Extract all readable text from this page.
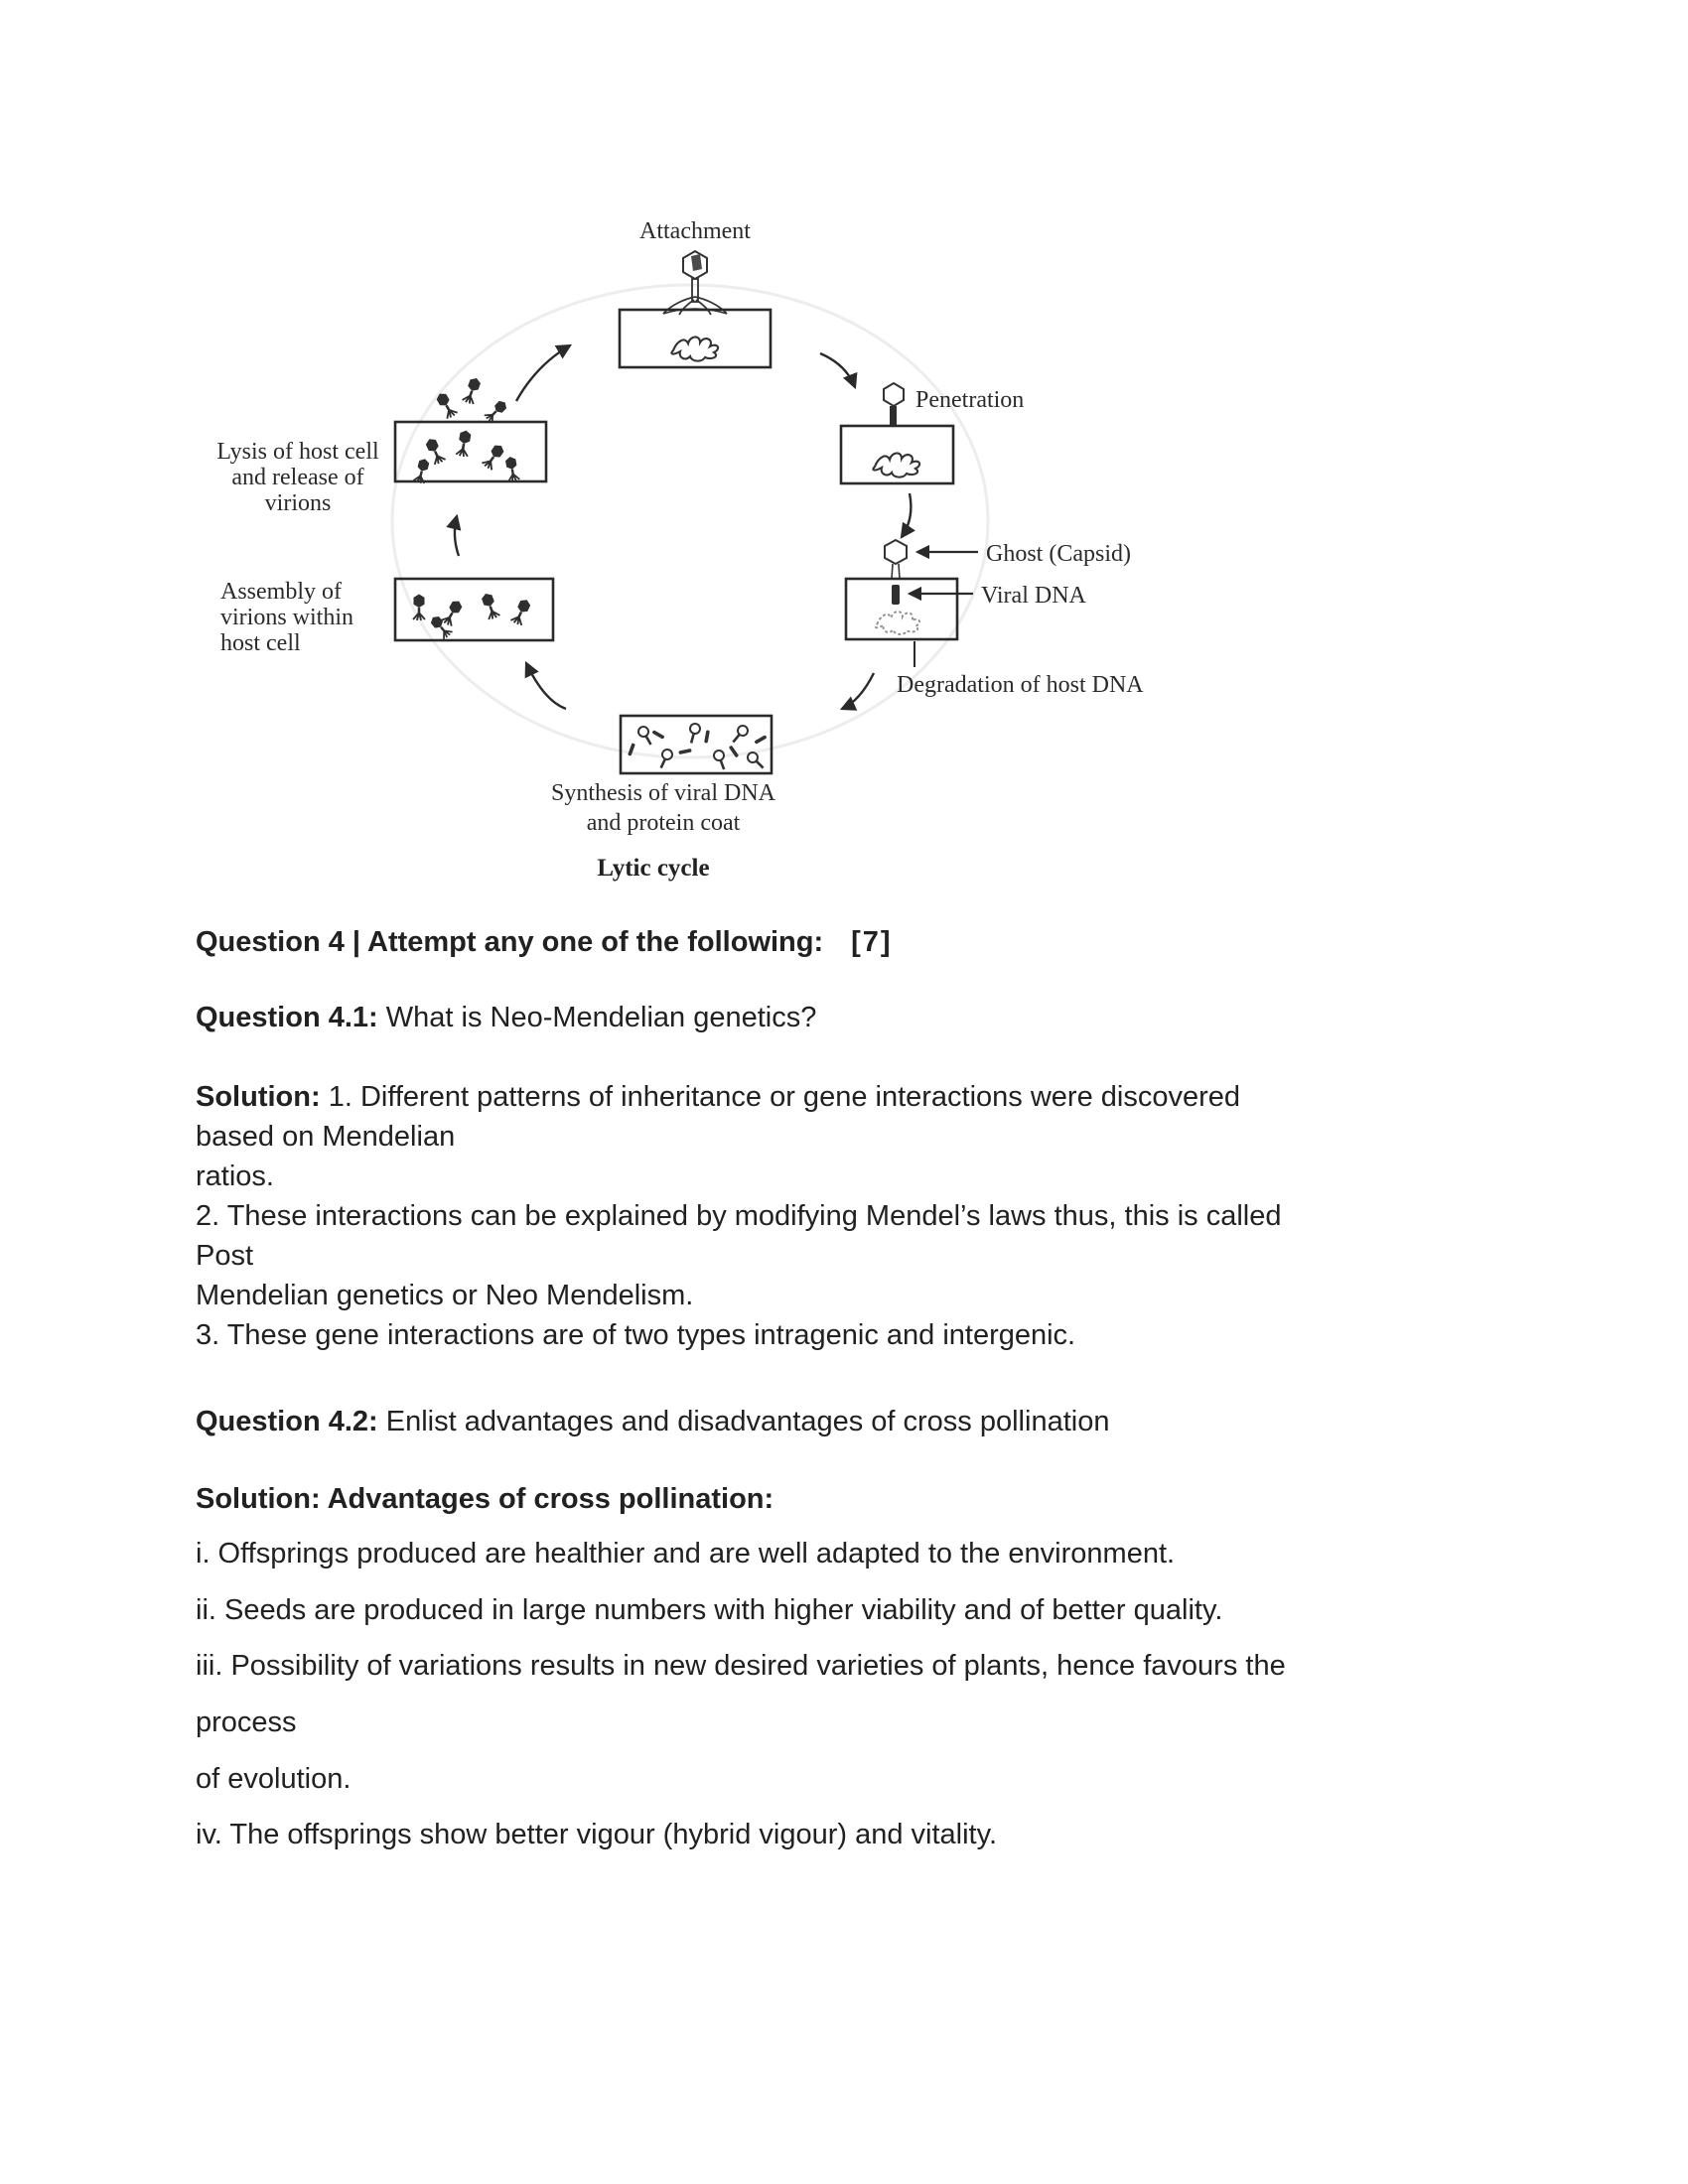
Attachment
Penetration
Ghost (Capsid)
Viral DNA
Degradation of host DNA
Synthesis of viral DNA
and protein coat
Lytic cycle
Assembly of
virions within
host cell
Lysis of host cell
and release of
virions

Question 4 | Attempt any one of the following: [7]

Question 4.1: What is Neo-Mendelian genetics?

Solution: 1. Different patterns of inheritance or gene interactions were discovered
based on Mendelian
ratios.
2. These interactions can be explained by modifying Mendel’s laws thus, this is called
Post
Mendelian genetics or Neo Mendelism.
3. These gene interactions are of two types intragenic and intergenic.

Question 4.2: Enlist advantages and disadvantages of cross pollination

Solution: Advantages of cross pollination:

i. Offsprings produced are healthier and are well adapted to the environment.

ii. Seeds are produced in large numbers with higher viability and of better quality.

iii. Possibility of variations results in new desired varieties of plants, hence favours the

process

of evolution.

iv. The offsprings show better vigour (hybrid vigour) and vitality.
